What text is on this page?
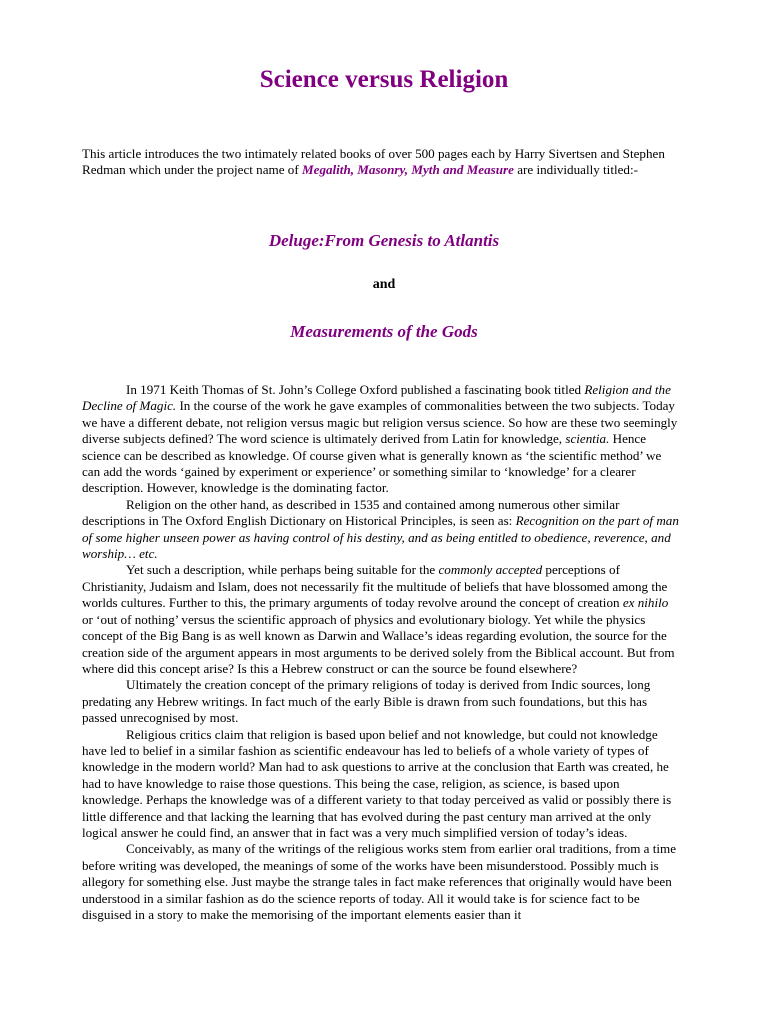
Science versus Religion

This article introduces the two intimately related books of over 500 pages each by Harry Sivertsen and Stephen Redman which under the project name of Megalith, Masonry, Myth and Measure are individually titled:-

Deluge:From Genesis to Atlantis

and

Measurements of the Gods

In 1971 Keith Thomas of St. John’s College Oxford published a fascinating book titled Religion and the Decline of Magic. In the course of the work he gave examples of commonalities between the two subjects. Today we have a different debate, not religion versus magic but religion versus science. So how are these two seemingly diverse subjects defined? The word science is ultimately derived from Latin for knowledge, scientia. Hence science can be described as knowledge. Of course given what is generally known as ‘the scientific method’ we can add the words ‘gained by experiment or experience’ or something similar to ‘knowledge’ for a clearer description. However, knowledge is the dominating factor.

Religion on the other hand, as described in 1535 and contained among numerous other similar descriptions in The Oxford English Dictionary on Historical Principles, is seen as: Recognition on the part of man of some higher unseen power as having control of his destiny, and as being entitled to obedience, reverence, and worship… etc.

Yet such a description, while perhaps being suitable for the commonly accepted perceptions of Christianity, Judaism and Islam, does not necessarily fit the multitude of beliefs that have blossomed among the worlds cultures. Further to this, the primary arguments of today revolve around the concept of creation ex nihilo or ‘out of nothing’ versus the scientific approach of physics and evolutionary biology. Yet while the physics concept of the Big Bang is as well known as Darwin and Wallace’s ideas regarding evolution, the source for the creation side of the argument appears in most arguments to be derived solely from the Biblical account. But from where did this concept arise? Is this a Hebrew construct or can the source be found elsewhere?

Ultimately the creation concept of the primary religions of today is derived from Indic sources, long predating any Hebrew writings. In fact much of the early Bible is drawn from such foundations, but this has passed unrecognised by most.

Religious critics claim that religion is based upon belief and not knowledge, but could not knowledge have led to belief in a similar fashion as scientific endeavour has led to beliefs of a whole variety of types of knowledge in the modern world? Man had to ask questions to arrive at the conclusion that Earth was created, he had to have knowledge to raise those questions. This being the case, religion, as science, is based upon knowledge. Perhaps the knowledge was of a different variety to that today perceived as valid or possibly there is little difference and that lacking the learning that has evolved during the past century man arrived at the only logical answer he could find, an answer that in fact was a very much simplified version of today’s ideas.

Conceivably, as many of the writings of the religious works stem from earlier oral traditions, from a time before writing was developed, the meanings of some of the works have been misunderstood. Possibly much is allegory for something else. Just maybe the strange tales in fact make references that originally would have been understood in a similar fashion as do the science reports of today. All it would take is for science fact to be disguised in a story to make the memorising of the important elements easier than it
